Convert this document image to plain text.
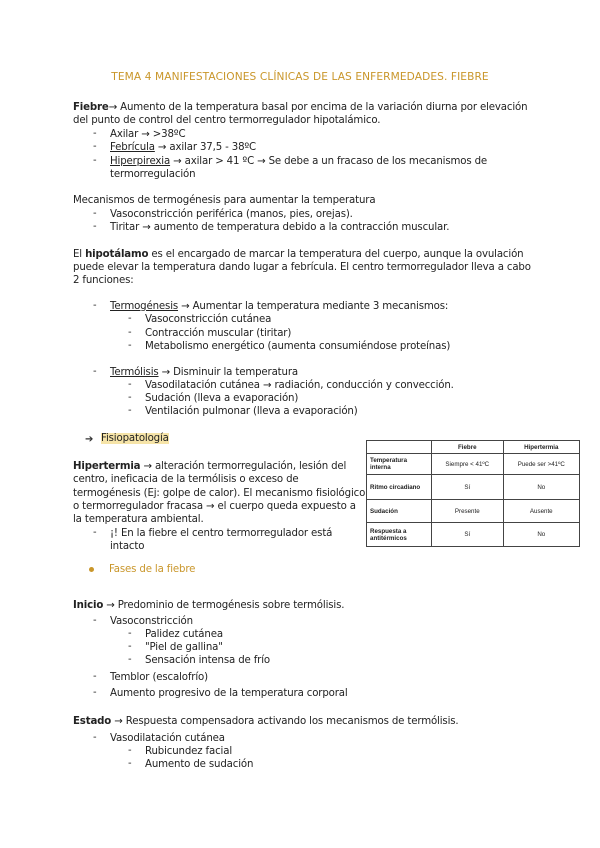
TEMA 4 MANIFESTACIONES CLÍNICAS DE LAS ENFERMEDADES. FIEBRE
Fiebre→ Aumento de la temperatura basal por encima de la variación diurna por elevación
del punto de control del centro termorregulador hipotalámico.
- Axilar → >38ºC
- Febrícula → axilar 37,5 - 38ºC
- Hiperpirexia → axilar > 41 ºC → Se debe a un fracaso de los mecanismos de
termorregulación
Mecanismos de termogénesis para aumentar la temperatura
- Vasoconstricción periférica (manos, pies, orejas).
- Tiritar → aumento de temperatura debido a la contracción muscular.
El hipotálamo es el encargado de marcar la temperatura del cuerpo, aunque la ovulación
puede elevar la temperatura dando lugar a febrícula. El centro termorregulador lleva a cabo
2 funciones:
- Termogénesis → Aumentar la temperatura mediante 3 mecanismos:
- Vasoconstricción cutánea
- Contracción muscular (tiritar)
- Metabolismo energético (aumenta consumiéndose proteínas)
- Termólisis → Disminuir la temperatura
- Vasodilatación cutánea → radiación, conducción y convección.
- Sudación (lleva a evaporación)
- Ventilación pulmonar (lleva a evaporación)
➔ Fisiopatología
Hipertermia → alteración termorregulación, lesión del
centro, ineficacia de la termólisis o exceso de
termogénesis (Ej: golpe de calor). El mecanismo fisiológico
o termorregulador fracasa → el cuerpo queda expuesto a
la temperatura ambiental.
- ¡! En la fiebre el centro termorregulador está
intacto
	Fiebre	Hipertermia
Temperatura interna	Siempre < 41ºC	Puede ser >41ºC
Ritmo circadiano	Sí	No
Sudación	Presente	Ausente
Respuesta a antitérmicos	Sí	No
Fases de la fiebre
Inicio → Predominio de termogénesis sobre termólisis.
- Vasoconstricción
- Palidez cutánea
- "Piel de gallina"
- Sensación intensa de frío
- Temblor (escalofrío)
- Aumento progresivo de la temperatura corporal
Estado → Respuesta compensadora activando los mecanismos de termólisis.
- Vasodilatación cutánea
- Rubicundez facial
- Aumento de sudación
